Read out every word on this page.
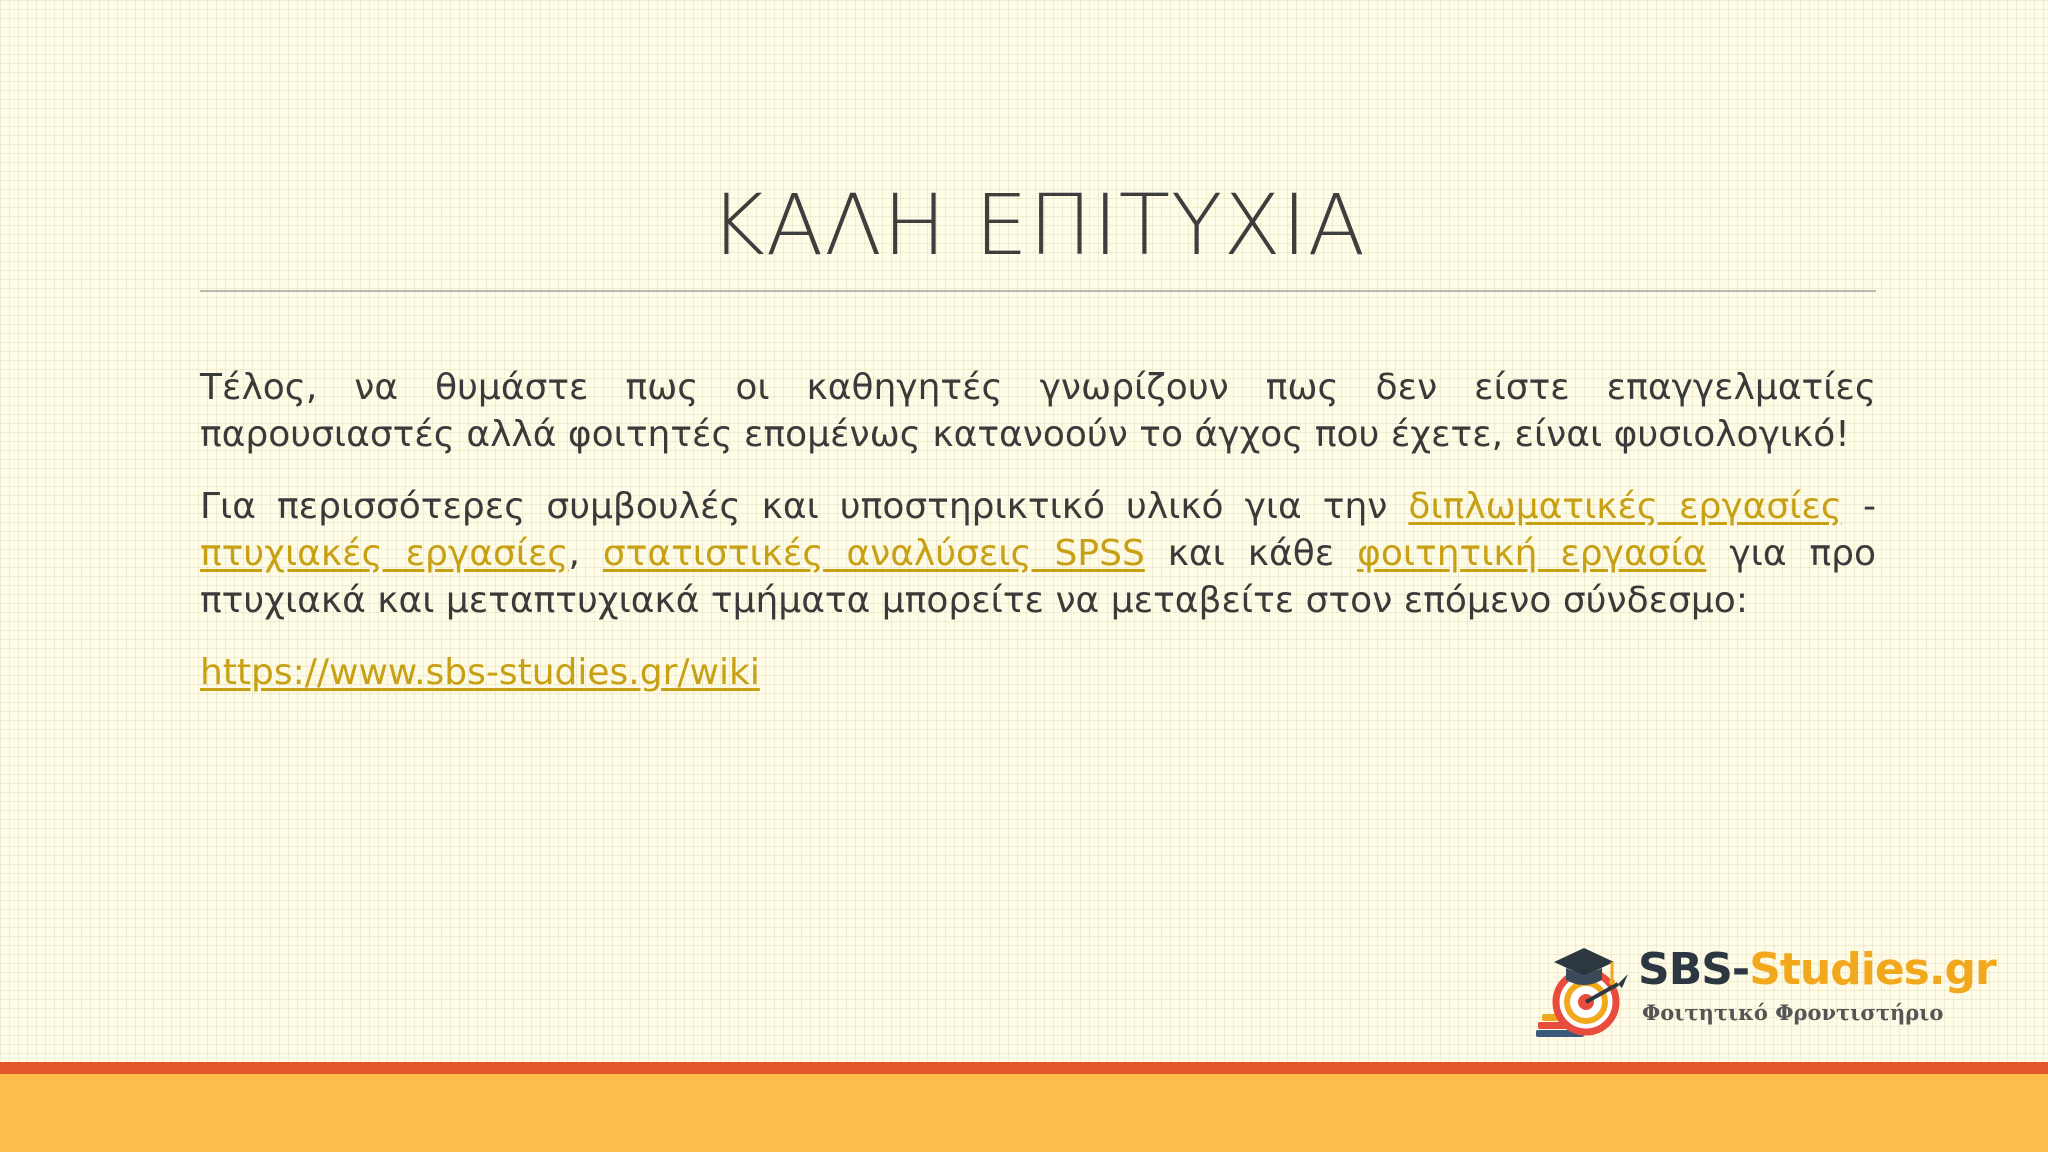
ΚΑΛΗ ΕΠΙΤΥΧΙΑ

Τέλος, να θυμάστε πως οι καθηγητές γνωρίζουν πως δεν είστε επαγγελματίες παρουσιαστές αλλά φοιτητές επομένως κατανοούν το άγχος που έχετε, είναι φυσιολογικό!

Για περισσότερες συμβουλές και υποστηρικτικό υλικό για την διπλωματικές εργασίες - πτυχιακές εργασίες, στατιστικές αναλύσεις SPSS και κάθε φοιτητική εργασία για προ πτυχιακά και μεταπτυχιακά τμήματα μπορείτε να μεταβείτε στον επόμενο σύνδεσμο:

https://www.sbs-studies.gr/wiki

SBS-Studies.gr
Φοιτητικό Φροντιστήριο
